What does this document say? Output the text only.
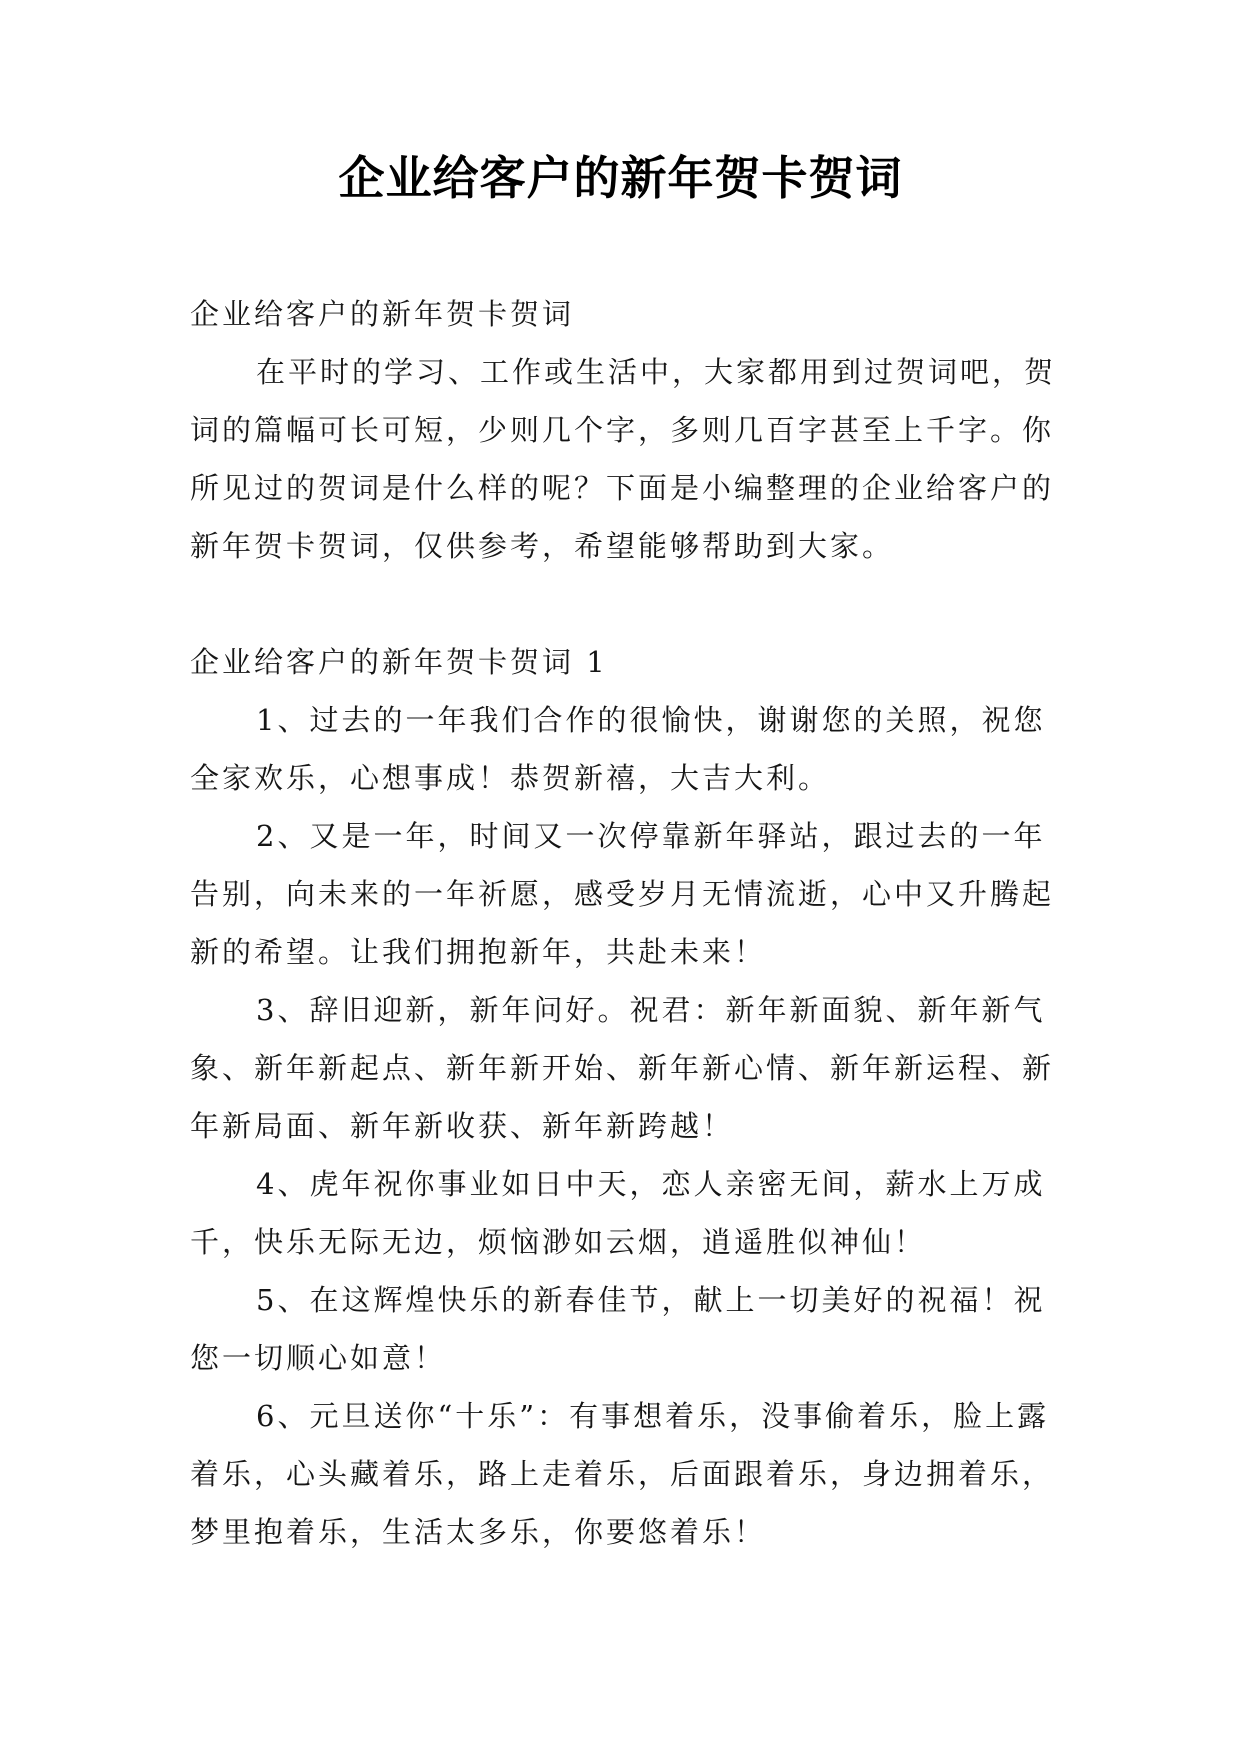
企业给客户的新年贺卡贺词

企业给客户的新年贺卡贺词

在平时的学习、工作或生活中，大家都用到过贺词吧，贺词的篇幅可长可短，少则几个字，多则几百字甚至上千字。你所见过的贺词是什么样的呢？下面是小编整理的企业给客户的新年贺卡贺词，仅供参考，希望能够帮助到大家。

企业给客户的新年贺卡贺词 1

1、过去的一年我们合作的很愉快，谢谢您的关照，祝您全家欢乐，心想事成！恭贺新禧，大吉大利。

2、又是一年，时间又一次停靠新年驿站，跟过去的一年告别，向未来的一年祈愿，感受岁月无情流逝，心中又升腾起新的希望。让我们拥抱新年，共赴未来！

3、辞旧迎新，新年问好。祝君：新年新面貌、新年新气象、新年新起点、新年新开始、新年新心情、新年新运程、新年新局面、新年新收获、新年新跨越！

4、虎年祝你事业如日中天，恋人亲密无间，薪水上万成千，快乐无际无边，烦恼渺如云烟，逍遥胜似神仙！

5、在这辉煌快乐的新春佳节，献上一切美好的祝福！祝您一切顺心如意！

6、元旦送你“十乐”：有事想着乐，没事偷着乐，脸上露着乐，心头藏着乐，路上走着乐，后面跟着乐，身边拥着乐，梦里抱着乐，生活太多乐，你要悠着乐！
